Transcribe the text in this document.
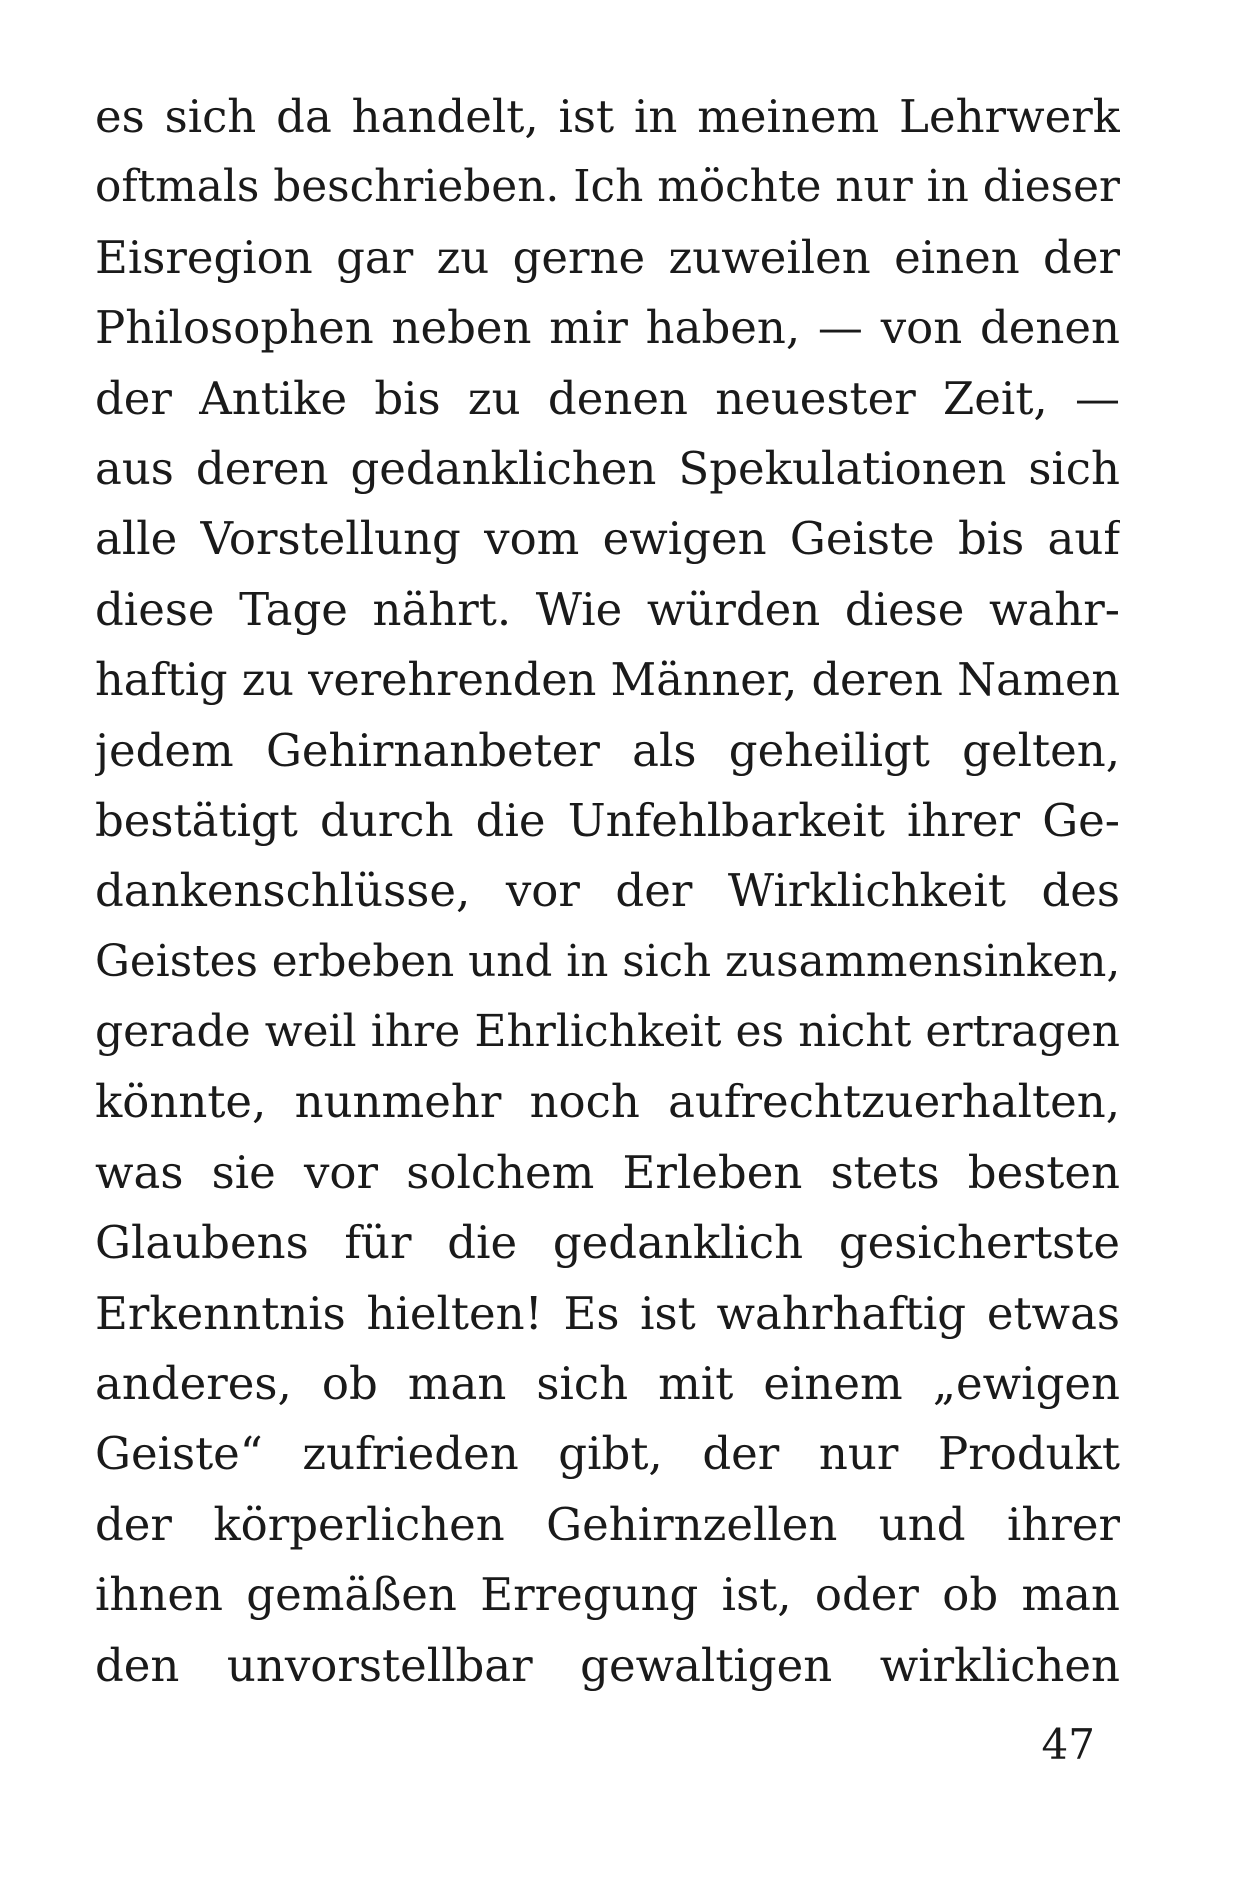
es sich da handelt, ist in meinem Lehrwerk
oftmals beschrieben. Ich möchte nur in dieser
Eisregion gar zu gerne zuweilen einen der
Philosophen neben mir haben, — von denen
der Antike bis zu denen neuester Zeit, —
aus deren gedanklichen Spekulationen sich
alle Vorstellung vom ewigen Geiste bis auf
diese Tage nährt. Wie würden diese wahr-
haftig zu verehrenden Männer, deren Namen
jedem Gehirnanbeter als geheiligt gelten,
bestätigt durch die Unfehlbarkeit ihrer Ge-
dankenschlüsse, vor der Wirklichkeit des
Geistes erbeben und in sich zusammensinken,
gerade weil ihre Ehrlichkeit es nicht ertragen
könnte, nunmehr noch aufrechtzuerhalten,
was sie vor solchem Erleben stets besten
Glaubens für die gedanklich gesichertste
Erkenntnis hielten! Es ist wahrhaftig etwas
anderes, ob man sich mit einem „ewigen
Geiste“ zufrieden gibt, der nur Produkt
der körperlichen Gehirnzellen und ihrer
ihnen gemäßen Erregung ist, oder ob man
den unvorstellbar gewaltigen wirklichen
47
